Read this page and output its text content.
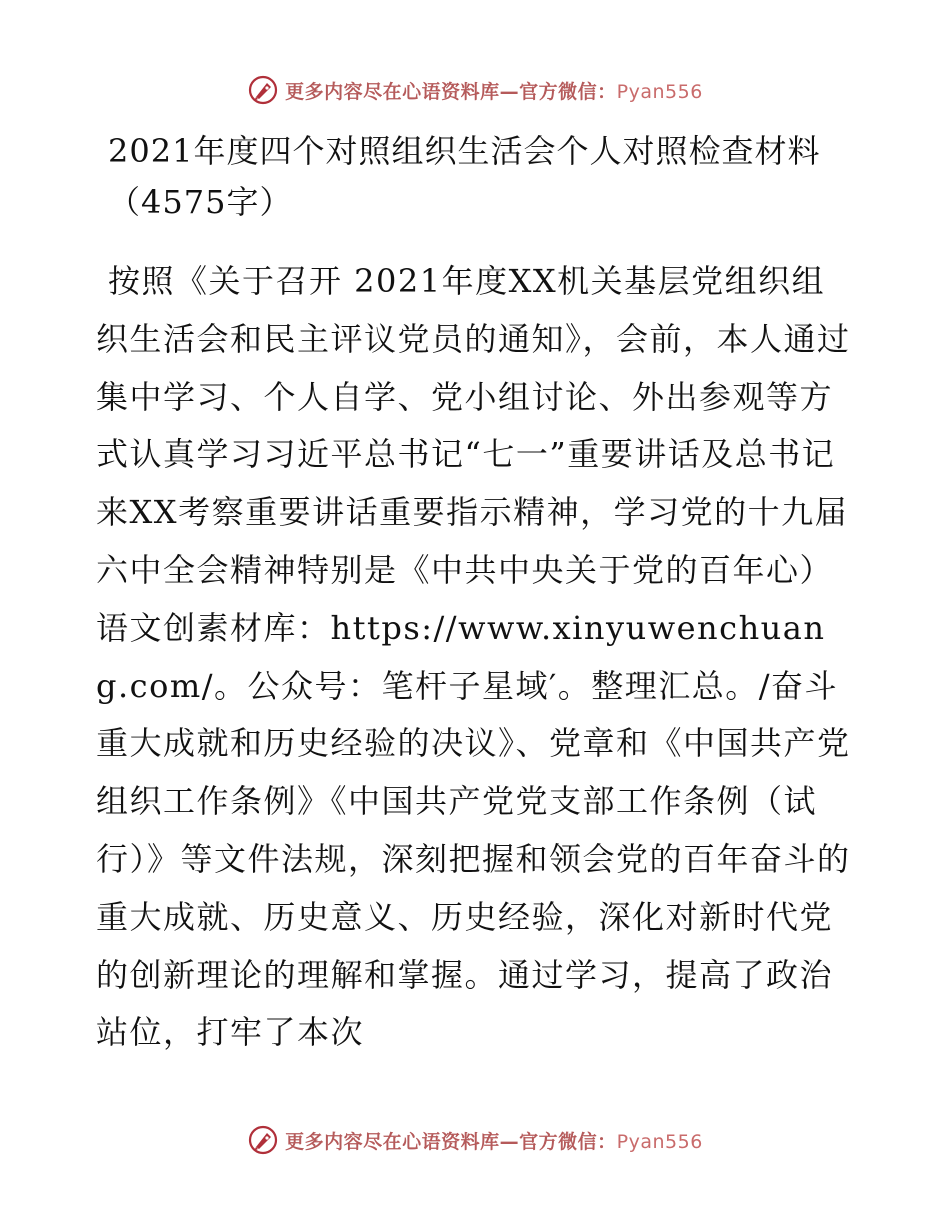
更多内容尽在心语资料库—官方微信：Pyan556
2021年度四个对照组织生活会个人对照检查材料（4575字）

按照《关于召开 2021年度XX机关基层党组织组织生活会和民主评议党员的通知》，会前，本人通过集中学习、个人自学、党小组讨论、外出参观等方式认真学习习近平总书记“七一”重要讲话及总书记来XX考察重要讲话重要指示精神，学习党的十九届六中全会精神特别是《中共中央关于党的百年心）语文创素材库：https://www.xinyuwenchuang.com/。公众号：笔杆子星域′。整理汇总。/奋斗重大成就和历史经验的决议》、党章和《中国共产党组织工作条例》《中国共产党党支部工作条例（试行）》等文件法规，深刻把握和领会党的百年奋斗的重大成就、历史意义、历史经验，深化对新时代党的创新理论的理解和掌握。通过学习，提高了政治站位，打牢了本次

更多内容尽在心语资料库—官方微信：Pyan556
